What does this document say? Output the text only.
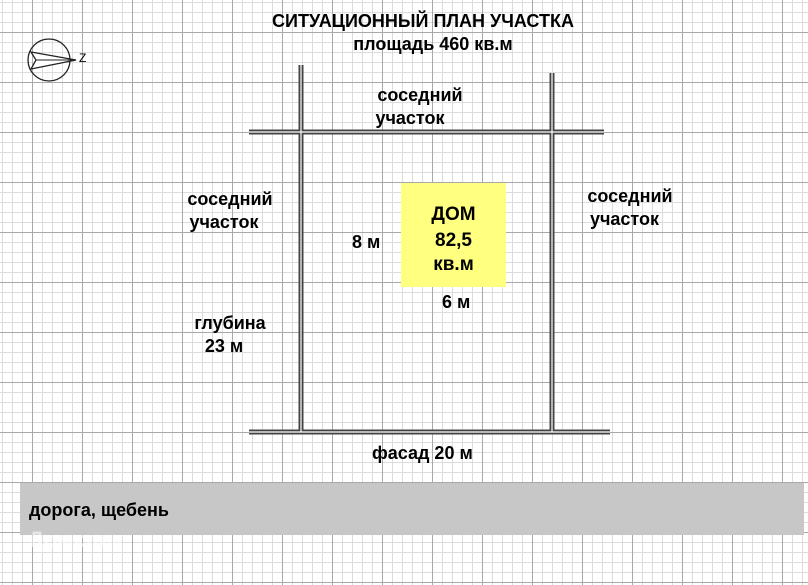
Z
СИТУАЦИОННЫЙ ПЛАН УЧАСТКА
площадь 460 кв.м
соседний
участок
соседний
участок
соседний
участок
глубина
23 м
ДОМ
82,5
кв.м
8 м
6 м
фасад 20 м
дорога, щебень
Домклик
